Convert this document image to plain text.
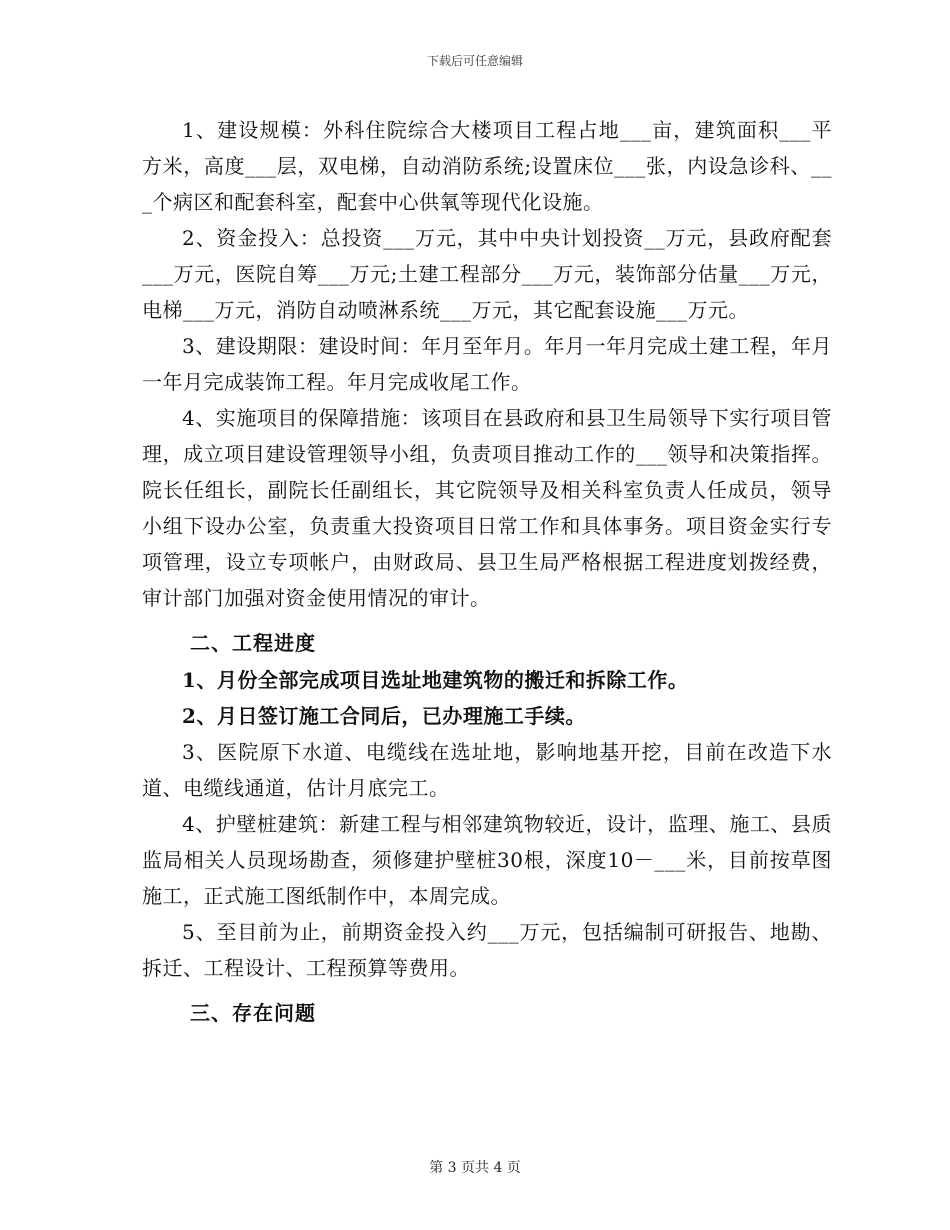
下载后可任意编辑

1、建设规模：外科住院综合大楼项目工程占地___亩，建筑面积___平方米，高度___层，双电梯，自动消防系统;设置床位___张，内设急诊科、___个病区和配套科室，配套中心供氧等现代化设施。

2、资金投入：总投资___万元，其中中央计划投资__万元，县政府配套___万元，医院自筹___万元;土建工程部分___万元，装饰部分估量___万元，电梯___万元，消防自动喷淋系统___万元，其它配套设施___万元。

3、建设期限：建设时间：年月至年月。年月一年月完成土建工程，年月一年月完成装饰工程。年月完成收尾工作。

4、实施项目的保障措施：该项目在县政府和县卫生局领导下实行项目管理，成立项目建设管理领导小组，负责项目推动工作的___领导和决策指挥。院长任组长，副院长任副组长，其它院领导及相关科室负责人任成员，领导小组下设办公室，负责重大投资项目日常工作和具体事务。项目资金实行专项管理，设立专项帐户，由财政局、县卫生局严格根据工程进度划拨经费，审计部门加强对资金使用情况的审计。

二、工程进度

1、月份全部完成项目选址地建筑物的搬迁和拆除工作。

2、月日签订施工合同后，已办理施工手续。

3、医院原下水道、电缆线在选址地，影响地基开挖，目前在改造下水道、电缆线通道，估计月底完工。

4、护壁桩建筑：新建工程与相邻建筑物较近，设计，监理、施工、县质监局相关人员现场勘查，须修建护壁桩30根，深度10－___米，目前按草图施工，正式施工图纸制作中，本周完成。

5、至目前为止，前期资金投入约___万元，包括编制可研报告、地勘、拆迁、工程设计、工程预算等费用。

三、存在问题

第 3 页共 4 页
